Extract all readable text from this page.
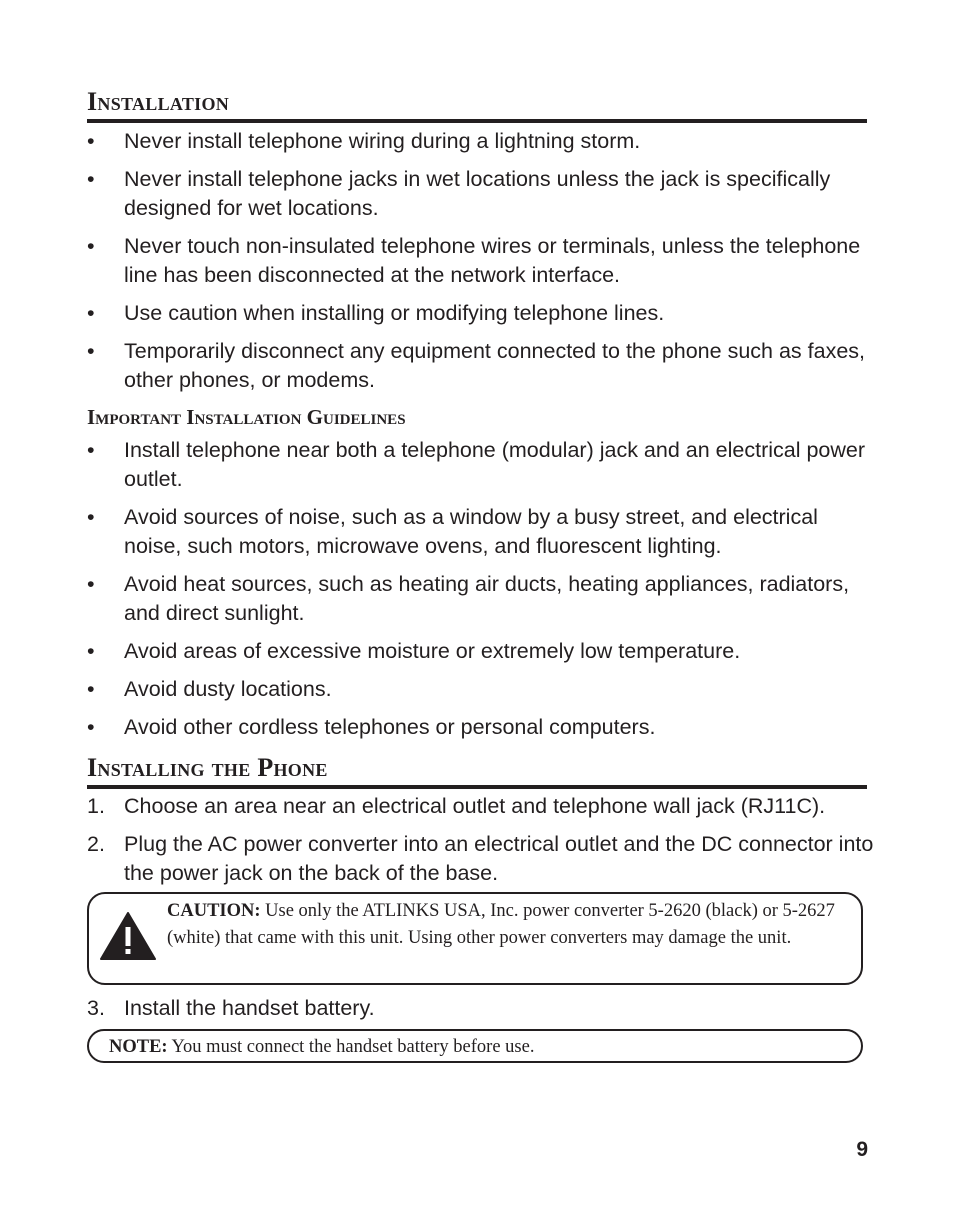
Installation
•	Never install telephone wiring during a lightning storm.
•	Never install telephone jacks in wet locations unless the jack is specifically designed for wet locations.
•	Never touch non-insulated telephone wires or terminals, unless the telephone line has been disconnected at the network interface.
•	Use caution when installing or modifying telephone lines.
•	Temporarily disconnect any equipment connected to the phone such as faxes, other phones, or modems.
Important Installation Guidelines
•	Install telephone near both a telephone (modular) jack and an electrical power outlet.
•	Avoid sources of noise, such as a window by a busy street, and electrical noise, such motors, microwave ovens, and fluorescent lighting.
•	Avoid heat sources, such as heating air ducts, heating appliances, radiators, and direct sunlight.
•	Avoid areas of excessive moisture or extremely low temperature.
•	Avoid dusty locations.
•	Avoid other cordless telephones or personal computers.
Installing the Phone
1. Choose an area near an electrical outlet and telephone wall jack (RJ11C).
2. Plug the AC power converter into an electrical outlet and the DC connector into the power jack on the back of the base.
CAUTION: Use only the ATLINKS USA, Inc. power converter 5-2620 (black) or 5-2627 (white) that came with this unit. Using other power converters may damage the unit.
3. Install the handset battery.
NOTE: You must connect the handset battery before use.
9
